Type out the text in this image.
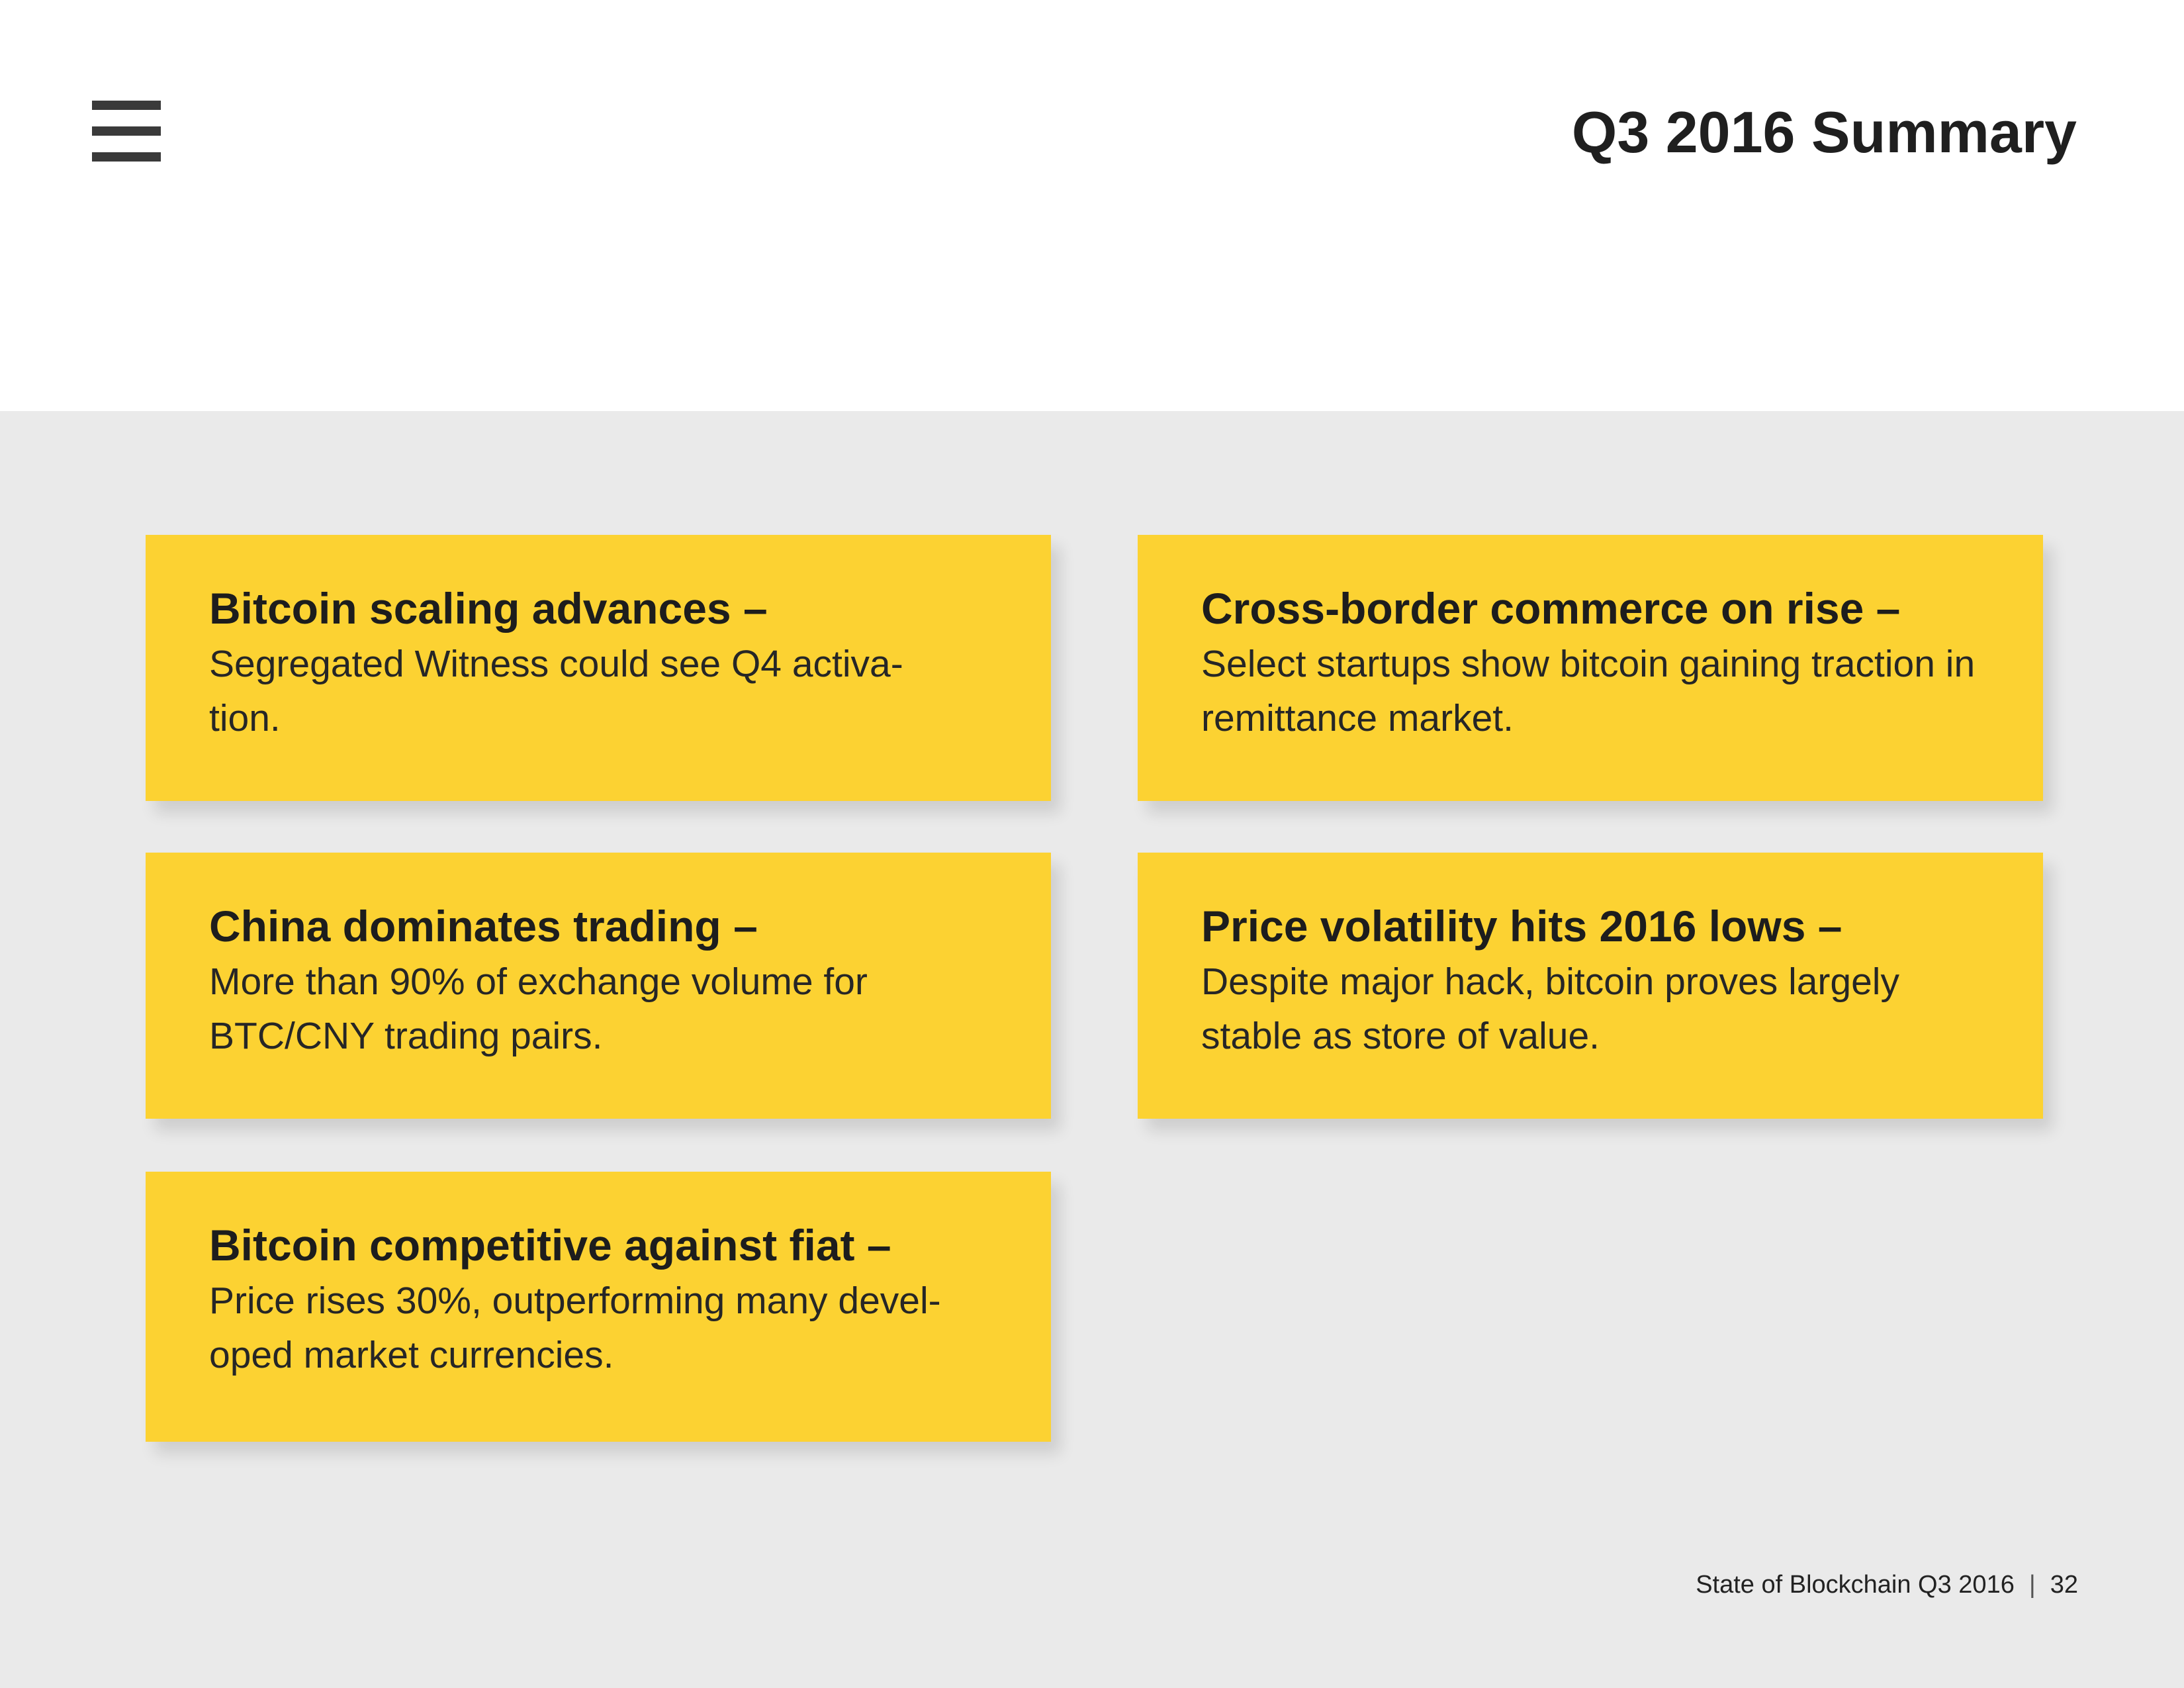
Q3 2016 Summary
Bitcoin scaling advances –
Segregated Witness could see Q4 activa-
tion.
Cross-border commerce on rise –
Select startups show bitcoin gaining traction in remittance market.
China dominates trading –
More than 90% of exchange volume for BTC/CNY trading pairs.
Price volatility hits 2016 lows –
Despite major hack, bitcoin proves largely stable as store of value.
Bitcoin competitive against fiat –
Price rises 30%, outperforming many devel-
oped market currencies.
State of Blockchain Q3 2016 | 32
